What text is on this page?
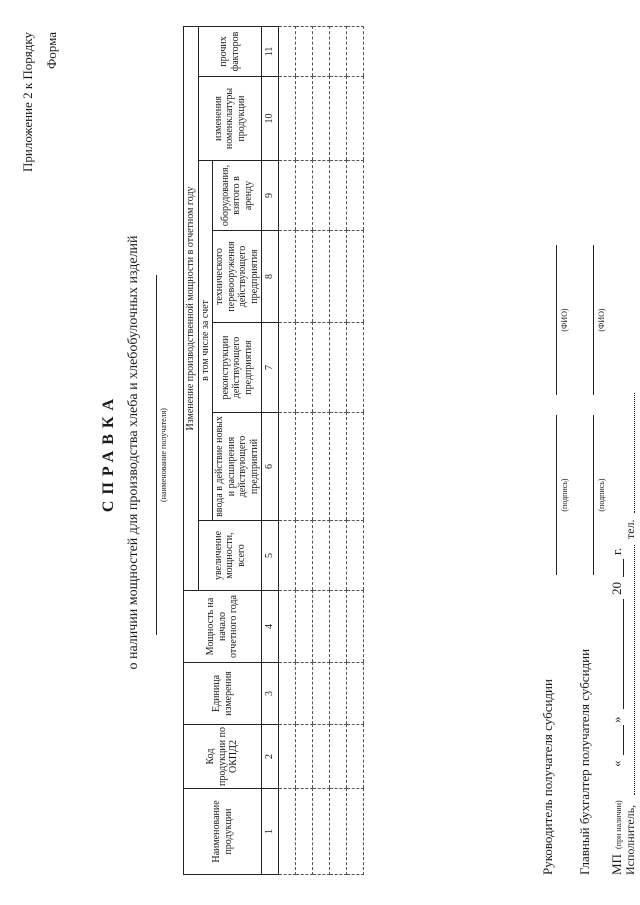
Приложение 2 к Порядку Форма
СПРАВКА о наличии мощностей для производства хлеба и хлебобулочных изделий (наименование получателя)
Наименование продукции	Код продукции по ОКПД2	Единица измерения	Мощность на начало отчетного года	Изменение производственной мощности в отчетном году						
				увеличение мощности, всего	в том числе за счет				изменения номенклатуры продукции	прочих факторов
					ввода в действие новых и расширения действующего предприятий	реконструкции действующего предприятия	технического перевооружения действующего предприятия	оборудования, взятого в аренду		
1	2	3	4	5	6	7	8	9	10	11

Руководитель получателя субсидии
(подпись)
(ФИО)
Главный бухгалтер получателя субсидии
(подпись)
(ФИО)
МП
(при наличии)
«
»
20
г.
Исполнитель,
тел.
